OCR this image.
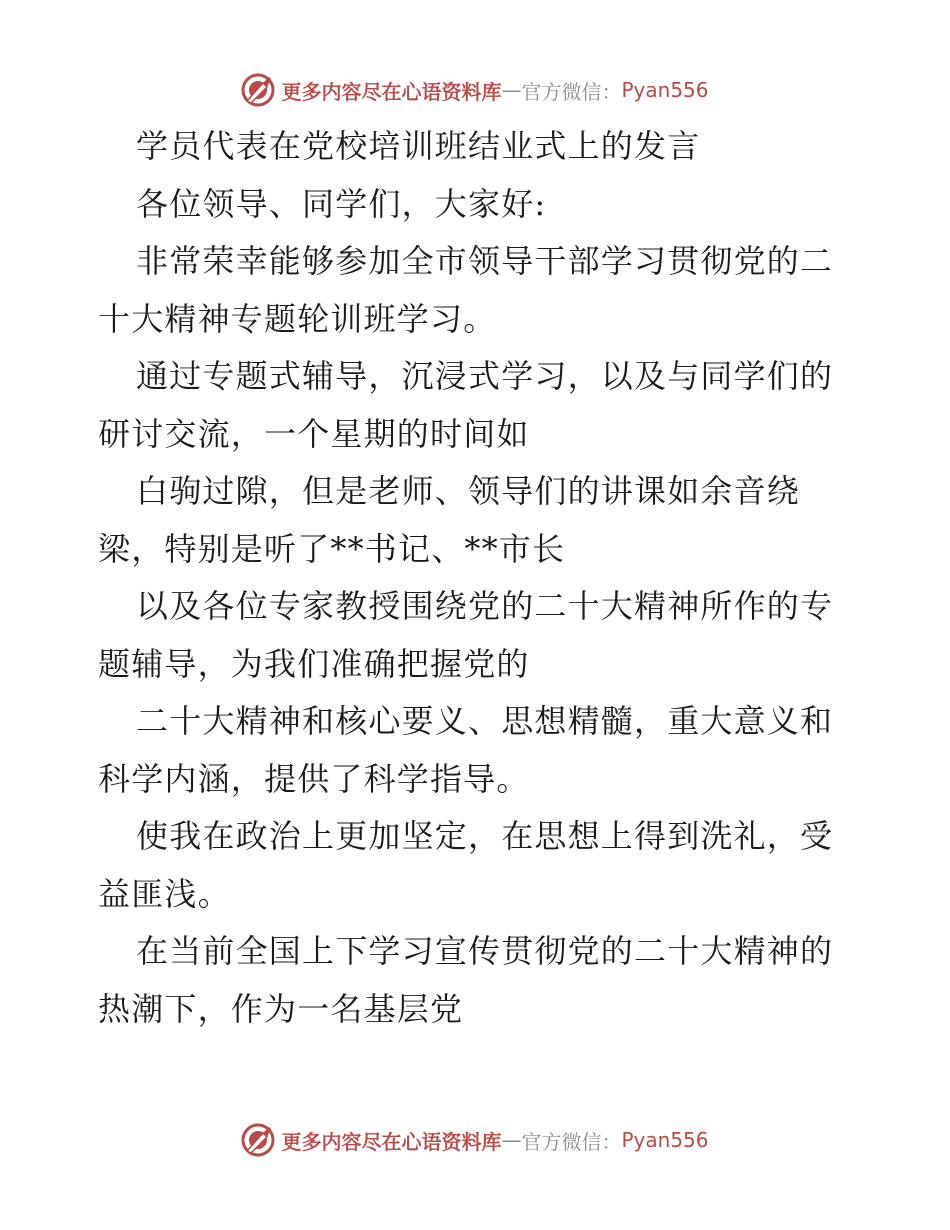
更多内容尽在心语资料库 — 官方微信： Pyan556

学员代表在党校培训班结业式上的发言

各位领导、同学们，大家好:

非常荣幸能够参加全市领导干部学习贯彻党的二十大精神专题轮训班学习。

通过专题式辅导，沉浸式学习，以及与同学们的研讨交流，一个星期的时间如

白驹过隙，但是老师、领导们的讲课如余音绕梁，特别是听了**书记、**市长

以及各位专家教授围绕党的二十大精神所作的专题辅导，为我们准确把握党的

二十大精神和核心要义、思想精髓，重大意义和科学内涵，提供了科学指导。

使我在政治上更加坚定，在思想上得到洗礼，受益匪浅。

在当前全国上下学习宣传贯彻党的二十大精神的热潮下，作为一名基层党

更多内容尽在心语资料库 — 官方微信： Pyan556
